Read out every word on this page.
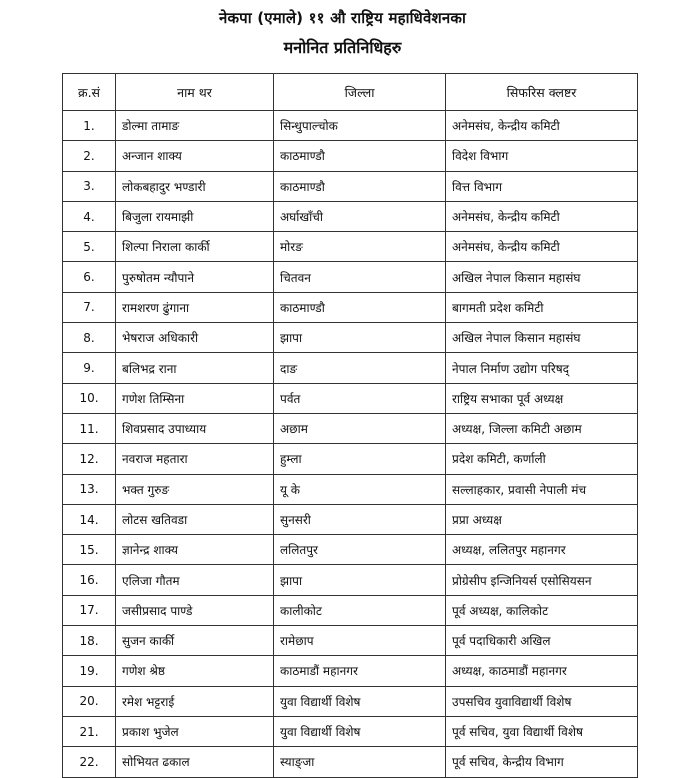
नेकपा (एमाले) ११ औ राष्ट्रिय महाधिवेशनका
मनोनित प्रतिनिधिहरु
क्र.सं	नाम थर	जिल्ला	सिफरिस क्लष्टर
1.	डोल्मा तामाङ	सिन्धुपाल्चोक	अनेमसंघ, केन्द्रीय कमिटी
2.	अन्जान शाक्य	काठमाण्डौ	विदेश विभाग
3.	लोकबहादुर भण्डारी	काठमाण्डौ	वित्त विभाग
4.	बिजुला रायमाझी	अर्घाखाँची	अनेमसंघ, केन्द्रीय कमिटी
5.	शिल्पा निराला कार्की	मोरङ	अनेमसंघ, केन्द्रीय कमिटी
6.	पुरुषोतम न्यौपाने	चितवन	अखिल नेपाल किसान महासंघ
7.	रामशरण ढुंगाना	काठमाण्डौ	बागमती प्रदेश कमिटी
8.	भेषराज अधिकारी	झापा	अखिल नेपाल किसान महासंघ
9.	बलिभद्र राना	दाङ	नेपाल निर्माण उद्योग परिषद्
10.	गणेश तिम्सिना	पर्वत	राष्ट्रिय सभाका पूर्व अध्यक्ष
11.	शिवप्रसाद उपाध्याय	अछाम	अध्यक्ष, जिल्ला कमिटी अछाम
12.	नवराज महतारा	हुम्ला	प्रदेश कमिटी, कर्णाली
13.	भक्त गुरुङ	यू के	सल्लाहकार, प्रवासी नेपाली मंच
14.	लोटस खतिवडा	सुनसरी	प्रप्रा अध्यक्ष
15.	ज्ञानेन्द्र शाक्य	ललितपुर	अध्यक्ष, ललितपुर महानगर
16.	एलिजा गौतम	झापा	प्रोग्रेसीप इन्जिनियर्स एसोसियसन
17.	जसीप्रसाद पाण्डे	कालीकोट	पूर्व अध्यक्ष, कालिकोट
18.	सुजन कार्की	रामेछाप	पूर्व पदाधिकारी अखिल
19.	गणेश श्रेष्ठ	काठमाडौं महानगर	अध्यक्ष, काठमाडौं महानगर
20.	रमेश भट्टराई	युवा विद्यार्थी विशेष	उपसचिव युवाविद्यार्थी विशेष
21.	प्रकाश भुजेल	युवा विद्यार्थी विशेष	पूर्व सचिव, युवा विद्यार्थी विशेष
22.	सोभियत ढकाल	स्याङ्जा	पूर्व सचिव, केन्द्रीय विभाग
